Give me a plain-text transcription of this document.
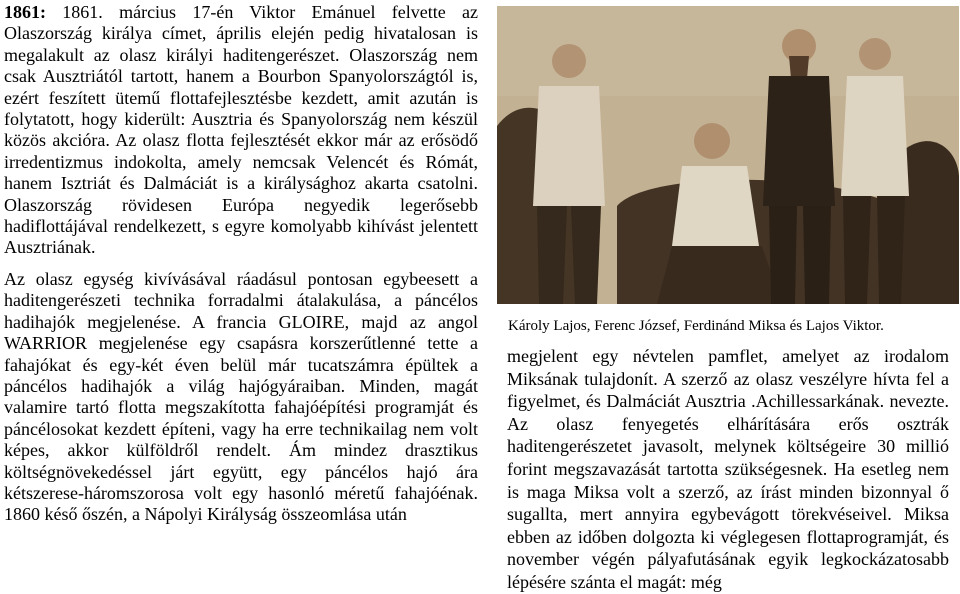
1861: 1861. március 17-én Viktor Emánuel felvette az Olaszország királya címet, április elején pedig hivatalosan is megalakult az olasz királyi haditengerészet. Olaszország nem csak Ausztriától tartott, hanem a Bourbon Spanyolországtól is, ezért feszített ütemű flottafejlesztésbe kezdett, amit azután is folytatott, hogy kiderült: Ausztria és Spanyolország nem készül közös akcióra. Az olasz flotta fejlesztését ekkor már az erősödő irredentizmus indokolta, amely nemcsak Velencét és Rómát, hanem Isztriát és Dalmáciát is a királysághoz akarta csatolni. Olaszország rövidesen Európa negyedik legerősebb hadiflottájával rendelkezett, s egyre komolyabb kihívást jelentett Ausztriának.

Az olasz egység kivívásával ráadásul pontosan egybeesett a haditengerészeti technika forradalmi átalakulása, a páncélos hadihajók megjelenése. A francia GLOIRE, majd az angol WARRIOR megjelenése egy csapásra korszerűtlenné tette a fahajókat és egy-két éven belül már tucatszámra épültek a páncélos hadihajók a világ hajógyáraiban. Minden, magát valamire tartó flotta megszakította fahajóépítési programját és páncélosokat kezdett építeni, vagy ha erre technikailag nem volt képes, akkor külföldről rendelt. Ám mindez drasztikus költségnövekedéssel járt együtt, egy páncélos hajó ára kétszerese-háromszorosa volt egy hasonló méretű fahajóénak. 1860 késő őszén, a Nápolyi Királyság összeomlása után

Károly Lajos, Ferenc József, Ferdinánd Miksa és Lajos Viktor.

megjelent egy névtelen pamflet, amelyet az irodalom Miksának tulajdonít. A szerző az olasz veszélyre hívta fel a figyelmet, és Dalmáciát Ausztria .Achillessarkának. nevezte. Az olasz fenyegetés elhárítására erős osztrák haditengerészetet javasolt, melynek költségeire 30 millió forint megszavazását tartotta szükségesnek. Ha esetleg nem is maga Miksa volt a szerző, az írást minden bizonnyal ő sugallta, mert annyira egybevágott törekvéseivel. Miksa ebben az időben dolgozta ki véglegesen flottaprogramját, és november végén pályafutásának egyik legkockázatosabb lépésére szánta el magát: még
